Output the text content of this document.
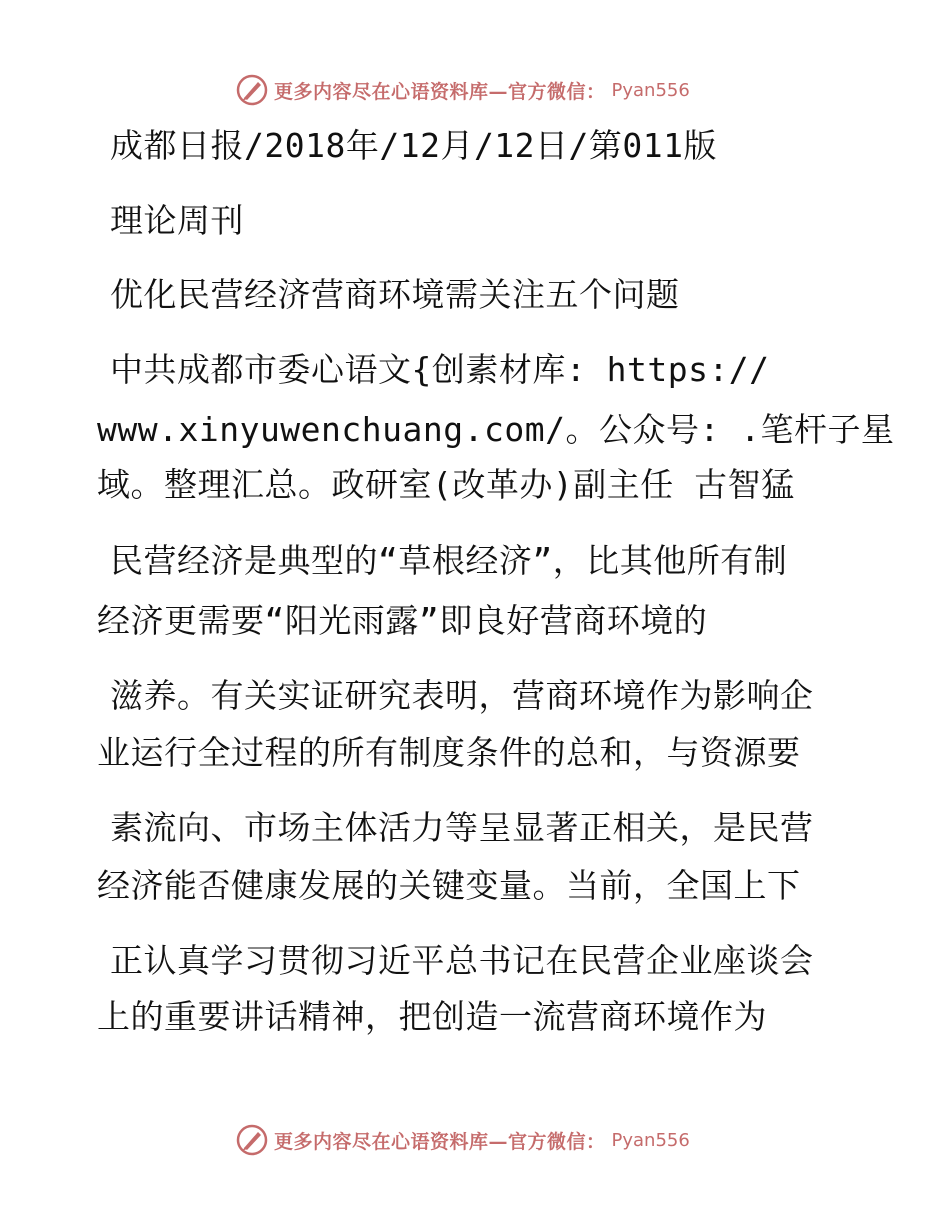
更多内容尽在心语资料库—官方微信： Pyan556
成都日报/2018年/12月/12日/第011版
理论周刊
优化民营经济营商环境需关注五个问题
中共成都市委心语文{创素材库: https://
www.xinyuwenchuang.com/。公众号: .笔杆子星
域。整理汇总。政研室(改革办)副主任 古智猛
民营经济是典型的“草根经济”，比其他所有制
经济更需要“阳光雨露”即良好营商环境的
滋养。有关实证研究表明，营商环境作为影响企
业运行全过程的所有制度条件的总和，与资源要
素流向、市场主体活力等呈显著正相关，是民营
经济能否健康发展的关键变量。当前，全国上下
正认真学习贯彻习近平总书记在民营企业座谈会
上的重要讲话精神，把创造一流营商环境作为
更多内容尽在心语资料库—官方微信： Pyan556
